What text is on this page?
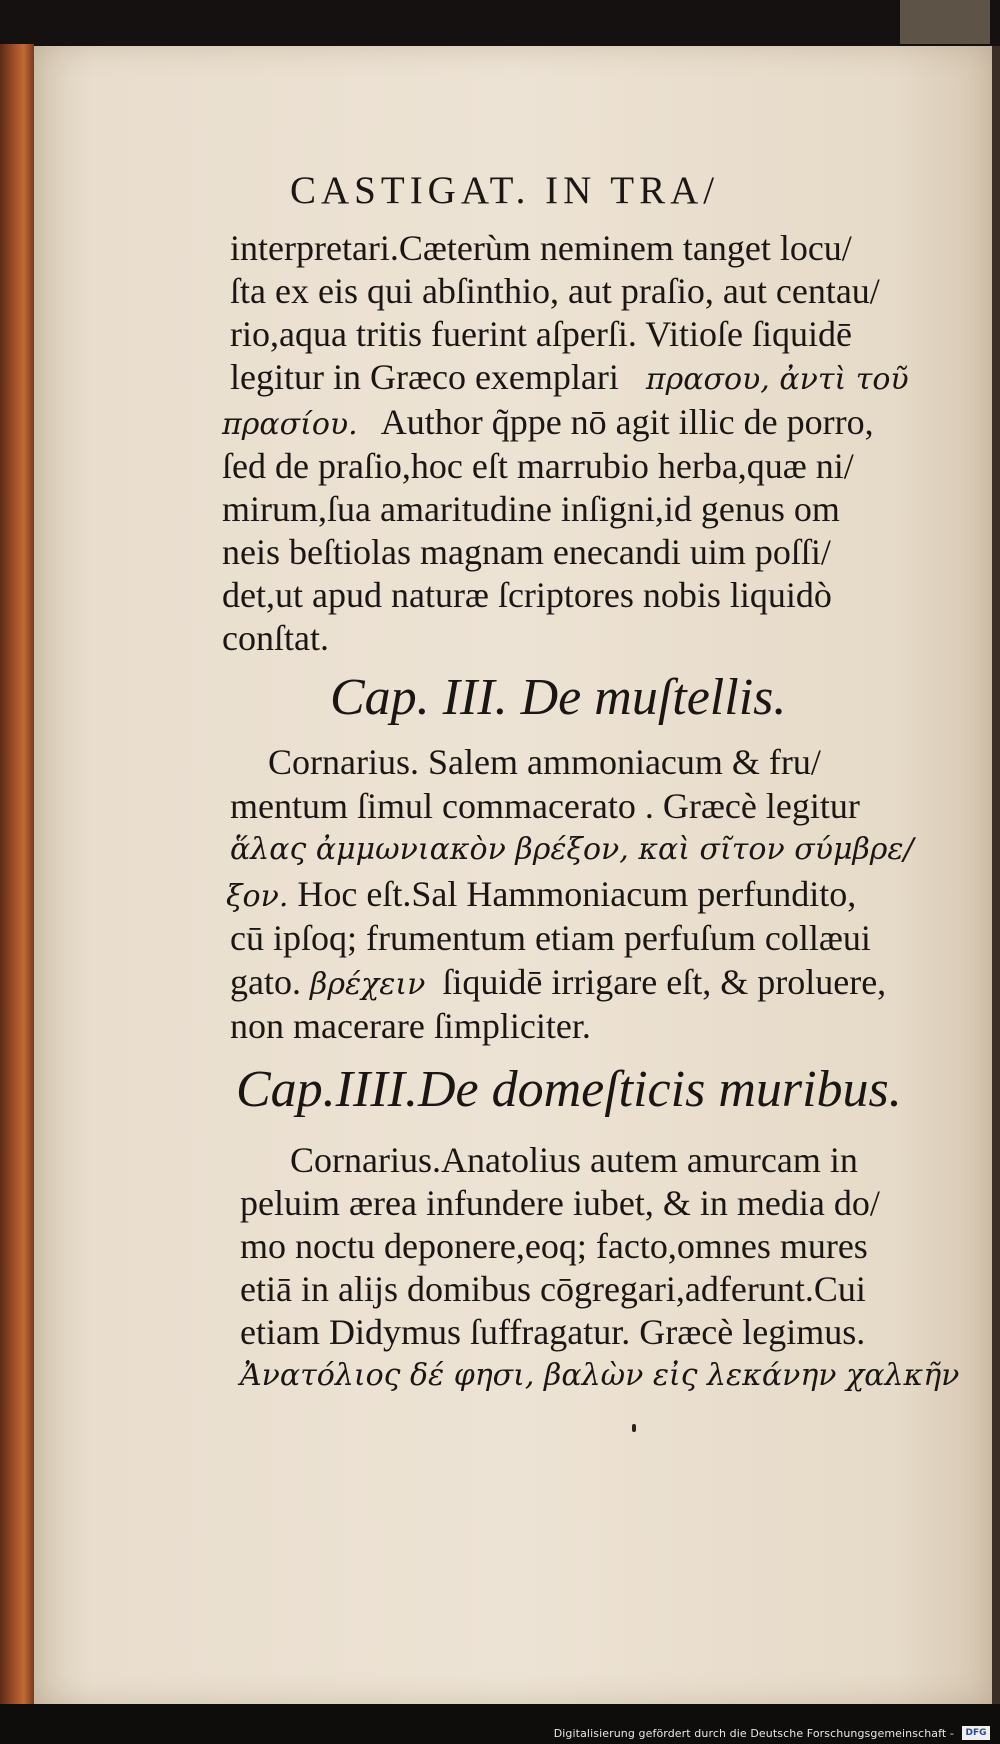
CASTIGAT. IN TRA/
interpretari.Cæterùm neminem tanget locu/
ſta ex eis qui abſinthio, aut praſio, aut centau/
rio,aqua tritis fuerint aſperſi. Vitioſe ſiquidē
legitur in Græco exemplari πρασου, ἀντὶ τοῦ
πρασίου. Author q̃ppe nō agit illic de porro,
ſed de praſio,hoc eſt marrubio herba,quæ ni/
mirum,ſua amaritudine inſigni,id genus om
neis beſtiolas magnam enecandi uim poſſi/
det,ut apud naturæ ſcriptores nobis liquidò
conſtat.
Cap. III. De muſtellis.
Cornarius. Salem ammoniacum & fru/
mentum ſimul commacerato . Græcè legitur
ἅλας ἀμμωνιακὸν βρέξον, καὶ σῖτον σύμβρε/
ξον. Hoc eſt.Sal Hammoniacum perfundito,
cū ipſoq; frumentum etiam perfuſum collæui
gato. βρέχειν ſiquidē irrigare eſt, & proluere,
non macerare ſimpliciter.
Cap.IIII.De domeſticis muribus.
Cornarius.Anatolius autem amurcam in
peluim ærea infundere iubet, & in media do/
mo noctu deponere,eoq; facto,omnes mures
etiā in alijs domibus cōgregari,adferunt.Cui
etiam Didymus ſuffragatur. Græcè legimus.
Ἀνατόλιος δέ φησι, βαλὼν εἰς λεκάνην χαλκῆν
Digitalisierung gefördert durch die Deutsche Forschungsgemeinschaft -	DFG
